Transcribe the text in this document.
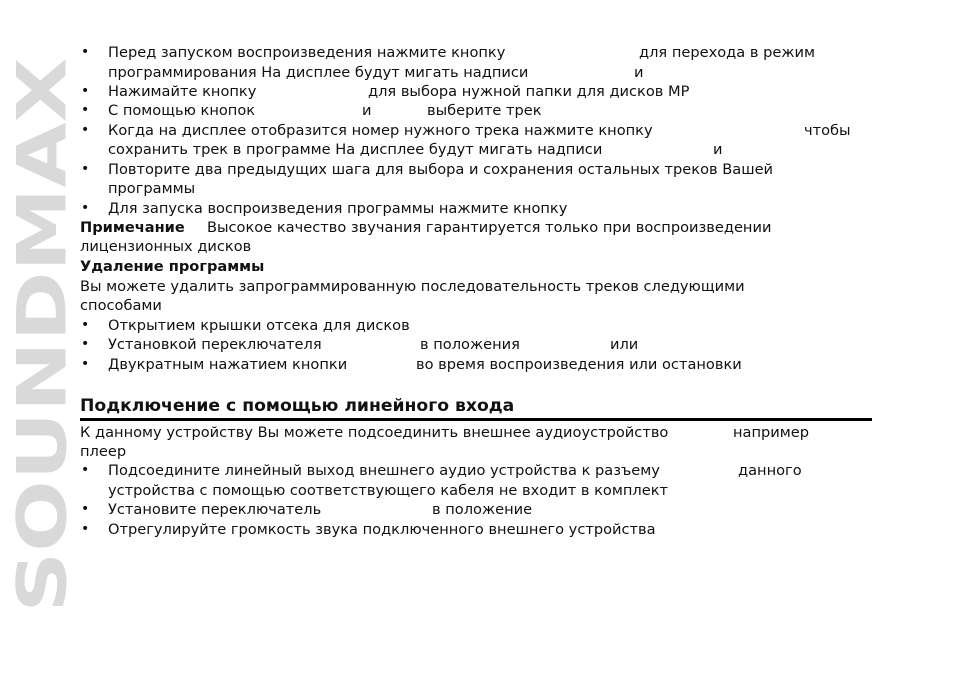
SOUNDMAX
• Перед запуском воспроизведения нажмите кнопку	для перехода в режим
программирования На дисплее будут мигать надписи	и
• Нажимайте кнопку	для выбора нужной папки для дисков MP
• С помощью кнопок	и	выберите трек
• Когда на дисплее отобразится номер нужного трека нажмите кнопку	чтобы
сохранить трек в программе На дисплее будут мигать надписи	и
• Повторите два предыдущих шага для выбора и сохранения остальных треков Вашей
программы
• Для запуска воспроизведения программы нажмите кнопку
Примечание Высокое качество звучания гарантируется только при воспроизведении
лицензионных дисков
Удаление программы
Вы можете удалить запрограммированную последовательность треков следующими
способами
• Открытием крышки отсека для дисков
• Установкой переключателя	в положения	или
• Двукратным нажатием кнопки	во время воспроизведения или остановки
Подключение с помощью линейного входа
К данному устройству Вы можете подсоединить внешнее аудиоустройство	например
плеер
• Подсоедините линейный выход внешнего аудио устройства к разъему	данного
устройства с помощью соответствующего кабеля не входит в комплект
• Установите переключатель	в положение
• Отрегулируйте громкость звука подключенного внешнего устройства
